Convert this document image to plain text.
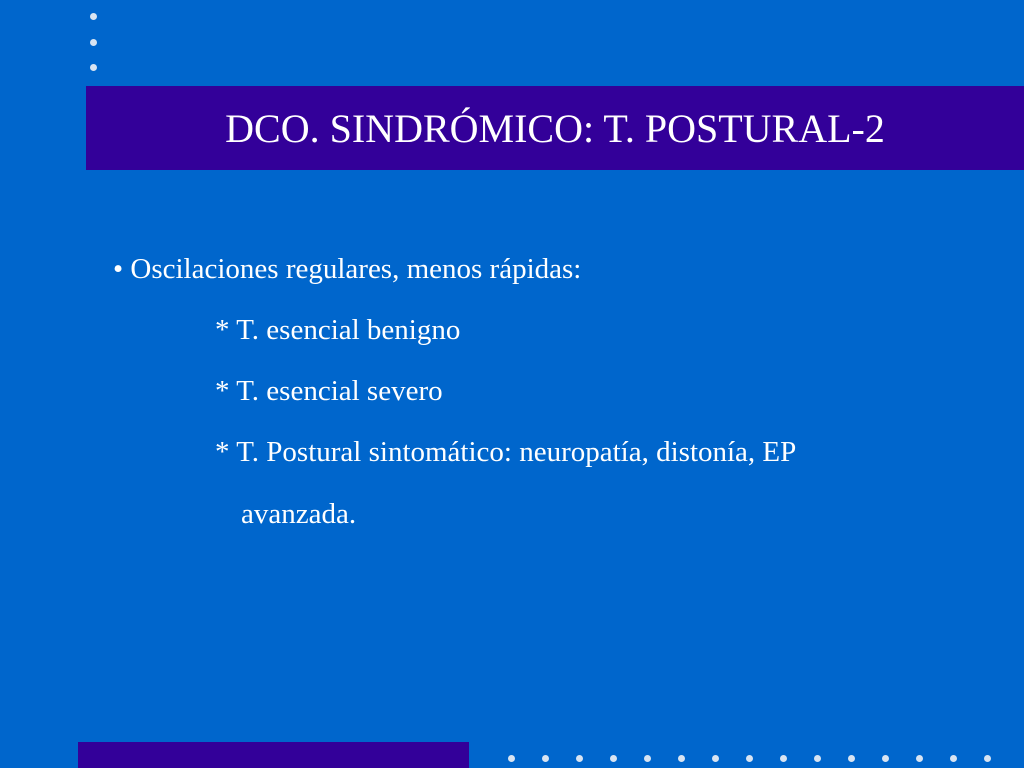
DCO. SINDRÓMICO: T. POSTURAL-2
• Oscilaciones regulares, menos rápidas:
* T. esencial benigno
* T. esencial severo
* T. Postural sintomático: neuropatía, distonía, EP
avanzada.
